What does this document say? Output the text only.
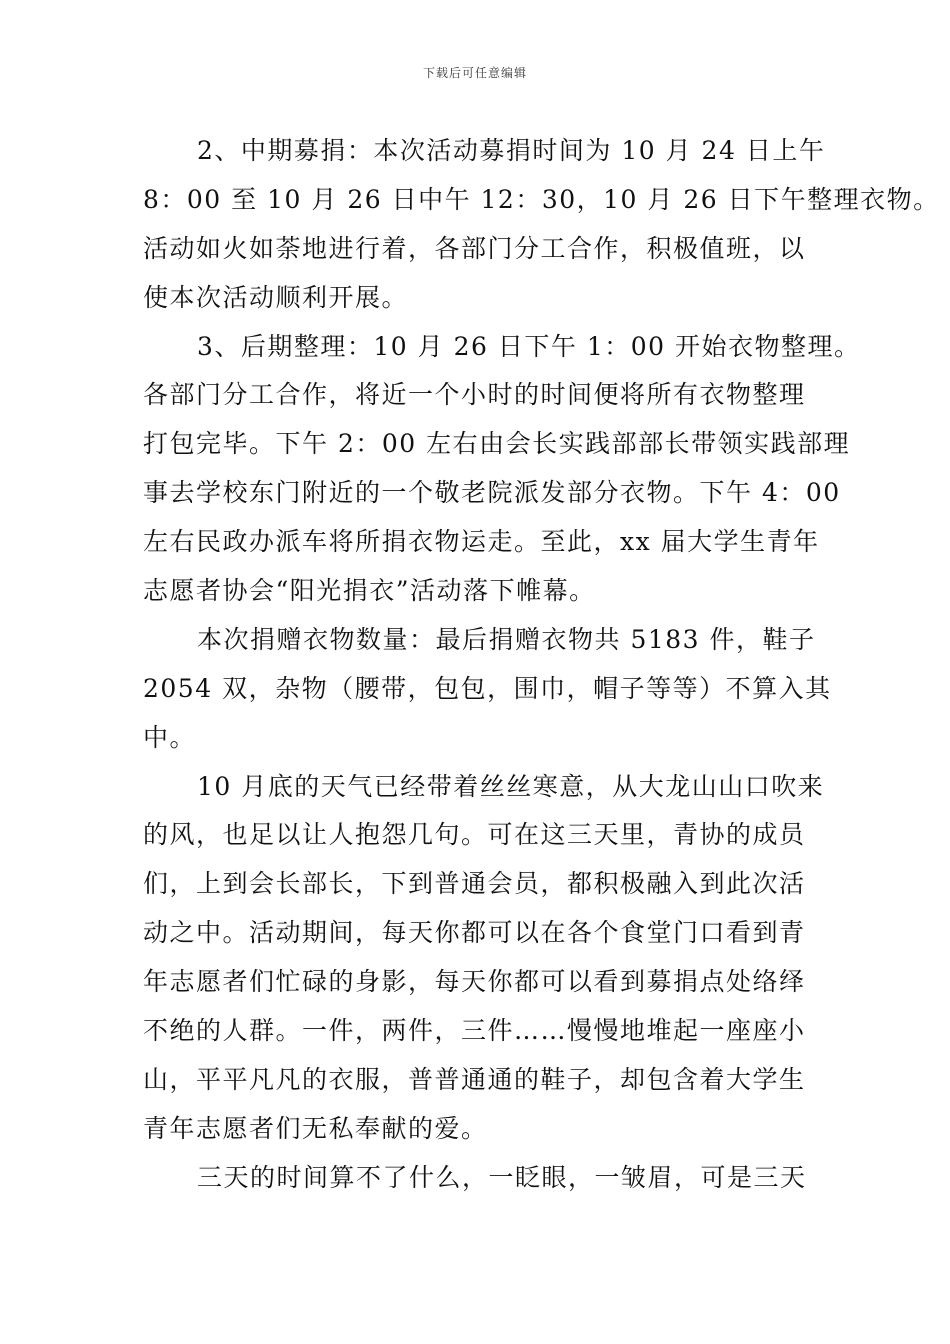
下载后可任意编辑
2、中期募捐：本次活动募捐时间为 10 月 24 日上午
8：00 至 10 月 26 日中午 12：30，10 月 26 日下午整理衣物。
活动如火如荼地进行着，各部门分工合作，积极值班，以
使本次活动顺利开展。
3、后期整理：10 月 26 日下午 1：00 开始衣物整理。
各部门分工合作，将近一个小时的时间便将所有衣物整理
打包完毕。下午 2：00 左右由会长实践部部长带领实践部理
事去学校东门附近的一个敬老院派发部分衣物。下午 4：00
左右民政办派车将所捐衣物运走。至此，xx 届大学生青年
志愿者协会“阳光捐衣”活动落下帷幕。
本次捐赠衣物数量：最后捐赠衣物共 5183 件，鞋子
2054 双，杂物（腰带，包包，围巾，帽子等等）不算入其
中。
10 月底的天气已经带着丝丝寒意，从大龙山山口吹来
的风，也足以让人抱怨几句。可在这三天里，青协的成员
们，上到会长部长，下到普通会员，都积极融入到此次活
动之中。活动期间，每天你都可以在各个食堂门口看到青
年志愿者们忙碌的身影，每天你都可以看到募捐点处络绎
不绝的人群。一件，两件，三件……慢慢地堆起一座座小
山，平平凡凡的衣服，普普通通的鞋子，却包含着大学生
青年志愿者们无私奉献的爱。
三天的时间算不了什么，一眨眼，一皱眉，可是三天
